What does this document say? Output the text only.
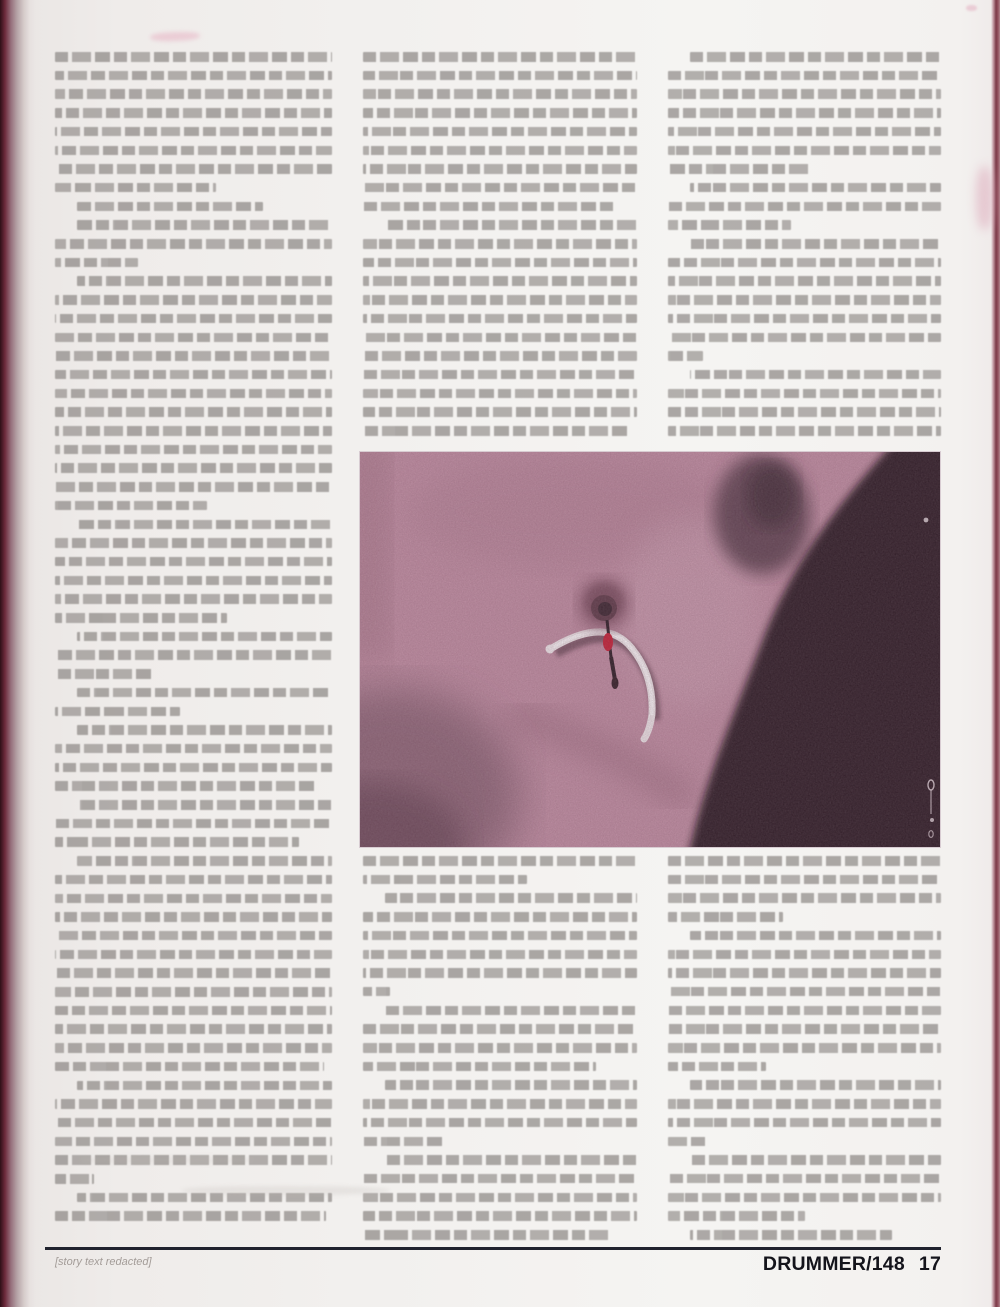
DRUMMER/148 17
[story text redacted]
